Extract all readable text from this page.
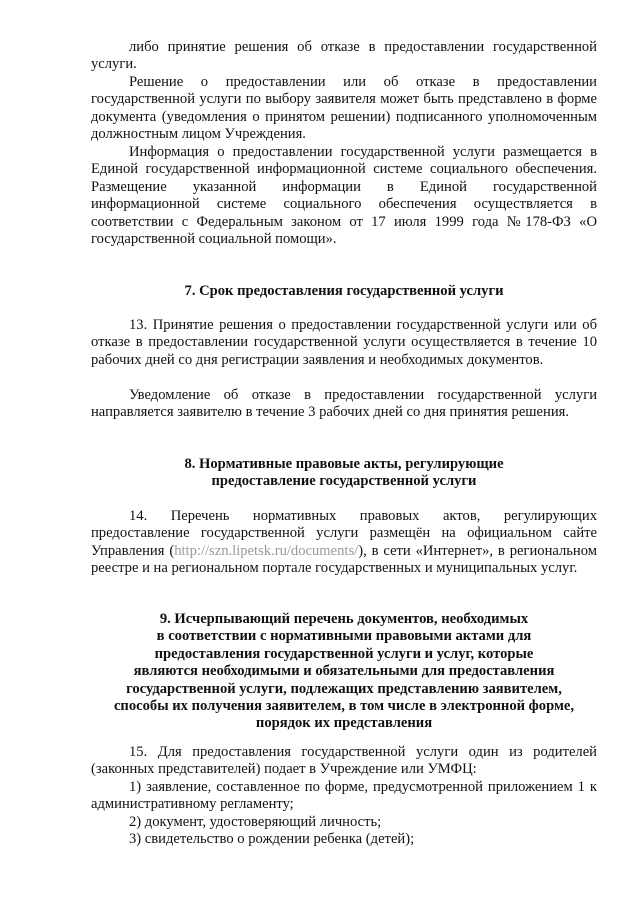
либо принятие решения об отказе в предоставлении государственной услуги.

Решение о предоставлении или об отказе в предоставлении государственной услуги по выбору заявителя может быть представлено в форме документа (уведомления о принятом решении) подписанного уполномоченным должностным лицом Учреждения.

Информация о предоставлении государственной услуги размещается в Единой государственной информационной системе социального обеспечения. Размещение указанной информации в Единой государственной информационной системе социального обеспечения осуществляется в соответствии с Федеральным законом от 17 июля 1999 года №178-ФЗ «О государственной социальной помощи».

7. Срок предоставления государственной услуги

13. Принятие решения о предоставлении государственной услуги или об отказе в предоставлении государственной услуги осуществляется в течение 10 рабочих дней со дня регистрации заявления и необходимых документов.

Уведомление об отказе в предоставлении государственной услуги направляется заявителю в течение 3 рабочих дней со дня принятия решения.

8. Нормативные правовые акты, регулирующие
предоставление государственной услуги

14. Перечень нормативных правовых актов, регулирующих предоставление государственной услуги размещён на официальном сайте Управления (http://szn.lipetsk.ru/documents/), в сети «Интернет», в региональном реестре и на региональном портале государственных и муниципальных услуг.

9. Исчерпывающий перечень документов, необходимых
в соответствии с нормативными правовыми актами для
предоставления государственной услуги и услуг, которые
являются необходимыми и обязательными для предоставления
государственной услуги, подлежащих представлению заявителем,
способы их получения заявителем, в том числе в электронной форме,
порядок их представления

15. Для предоставления государственной услуги один из родителей (законных представителей) подает в Учреждение или УМФЦ:

1) заявление, составленное по форме, предусмотренной приложением 1 к административному регламенту;

2) документ, удостоверяющий личность;

3) свидетельство о рождении ребенка (детей);
